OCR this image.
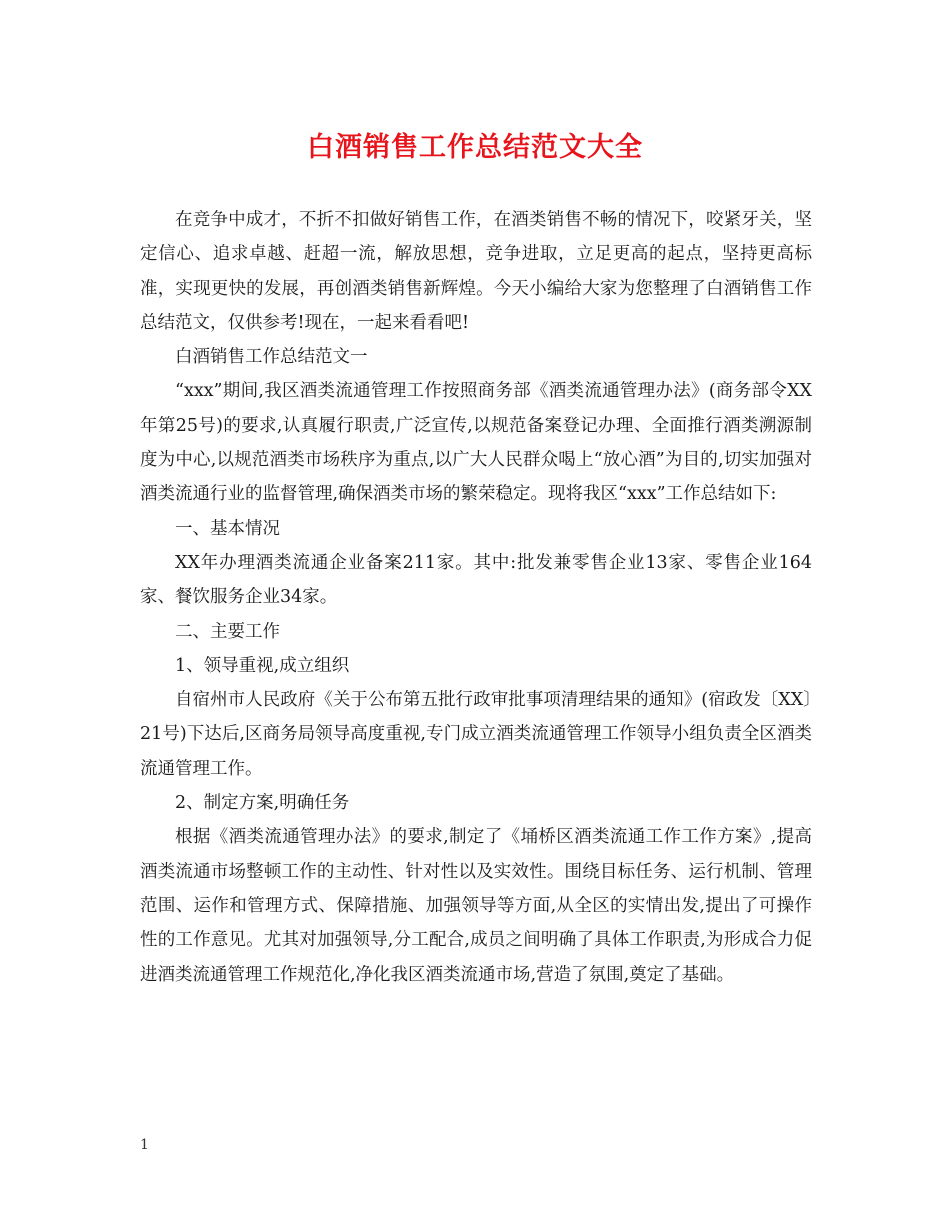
白酒销售工作总结范文大全

在竞争中成才，不折不扣做好销售工作，在酒类销售不畅的情况下，咬紧牙关，坚定信心、追求卓越、赶超一流，解放思想，竞争进取，立足更高的起点，坚持更高标准，实现更快的发展，再创酒类销售新辉煌。今天小编给大家为您整理了白酒销售工作总结范文，仅供参考!现在，一起来看看吧!

白酒销售工作总结范文一

“xxx”期间,我区酒类流通管理工作按照商务部《酒类流通管理办法》(商务部令XX年第25号)的要求,认真履行职责,广泛宣传,以规范备案登记办理、全面推行酒类溯源制度为中心,以规范酒类市场秩序为重点,以广大人民群众喝上“放心酒”为目的,切实加强对酒类流通行业的监督管理,确保酒类市场的繁荣稳定。现将我区“xxx”工作总结如下:

一、基本情况

XX年办理酒类流通企业备案211家。其中:批发兼零售企业13家、零售企业164家、餐饮服务企业34家。

二、主要工作

1、领导重视,成立组织

自宿州市人民政府《关于公布第五批行政审批事项清理结果的通知》(宿政发〔XX〕21号)下达后,区商务局领导高度重视,专门成立酒类流通管理工作领导小组负责全区酒类流通管理工作。

2、制定方案,明确任务

根据《酒类流通管理办法》的要求,制定了《埇桥区酒类流通工作工作方案》,提高酒类流通市场整顿工作的主动性、针对性以及实效性。围绕目标任务、运行机制、管理范围、运作和管理方式、保障措施、加强领导等方面,从全区的实情出发,提出了可操作性的工作意见。尤其对加强领导,分工配合,成员之间明确了具体工作职责,为形成合力促进酒类流通管理工作规范化,净化我区酒类流通市场,营造了氛围,奠定了基础。

1
